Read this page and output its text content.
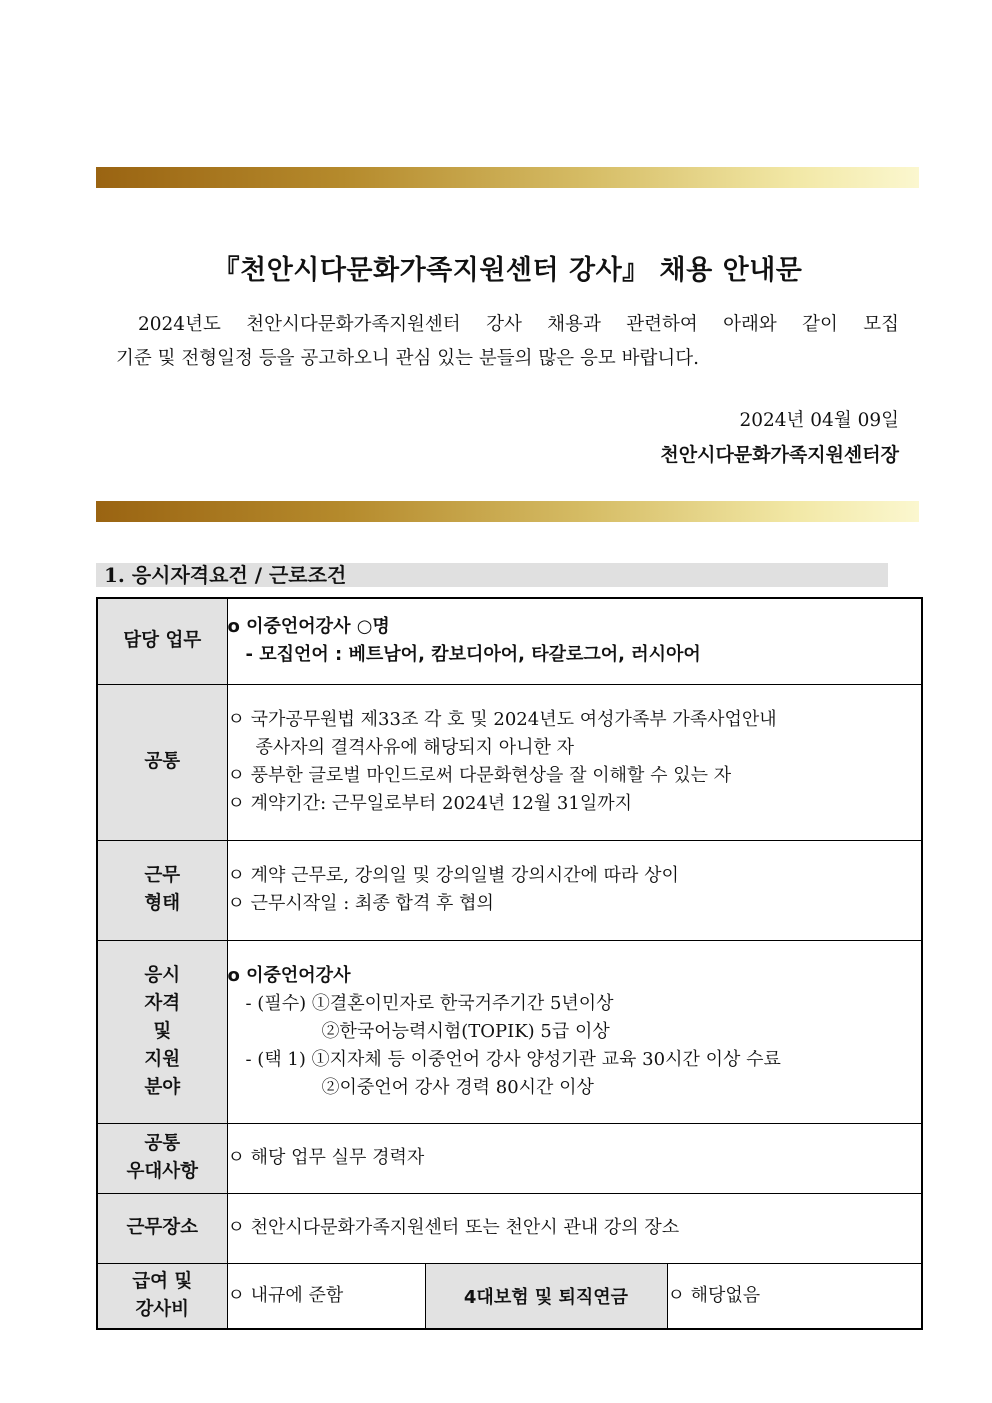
『천안시다문화가족지원센터 강사』 채용 안내문
2024년도 천안시다문화가족지원센터 강사 채용과 관련하여 아래와 같이 모집
기준 및 전형일정 등을 공고하오니 관심 있는 분들의 많은 응모 바랍니다.
2024년 04월 09일
천안시다문화가족지원센터장
1. 응시자격요건 / 근로조건
담당 업무	o 이중언어강사 ○명
- 모집언어 : 베트남어, 캄보디아어, 타갈로그어, 러시아어		

공통	ㅇ 국가공무원법 제33조 각 호 및 2024년도 여성가족부 가족사업안내
종사자의 결격사유에 해당되지 아니한 자
ㅇ 풍부한 글로벌 마인드로써 다문화현상을 잘 이해할 수 있는 자
ㅇ 계약기간: 근무일로부터 2024년 12월 31일까지		

근무
형태	ㅇ 계약 근무로, 강의일 및 강의일별 강의시간에 따라 상이
ㅇ 근무시작일 : 최종 합격 후 협의		

응시
자격
및
지원
분야	o 이중언어강사
- (필수) ①결혼이민자로 한국거주기간 5년이상
②한국어능력시험(TOPIK) 5급 이상
- (택 1) ①지자체 등 이중언어 강사 양성기관 교육 30시간 이상 수료
②이중언어 강사 경력 80시간 이상		

공통
우대사항	ㅇ 해당 업무 실무 경력자		

근무장소	ㅇ 천안시다문화가족지원센터 또는 천안시 관내 강의 장소		

급여 및
강사비	ㅇ 내규에 준함	4대보험 및 퇴직연금	ㅇ 해당없음
